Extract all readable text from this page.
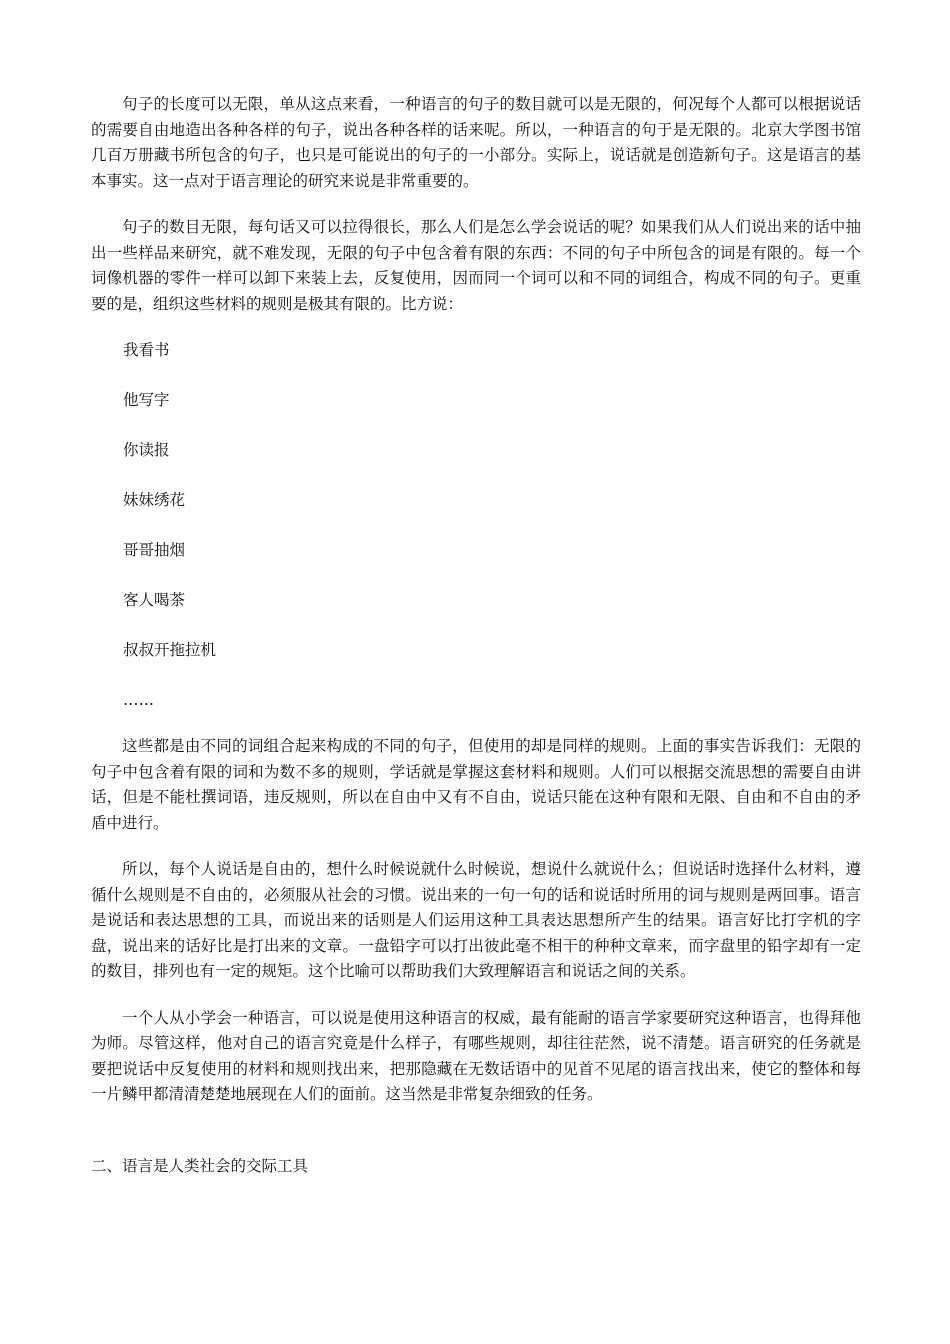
句子的长度可以无限，单从这点来看，一种语言的句子的数目就可以是无限的，何况每个人都可以根据说话的需要自由地造出各种各样的句子，说出各种各样的话来呢。所以，一种语言的句于是无限的。北京大学图书馆几百万册藏书所包含的句子，也只是可能说出的句子的一小部分。实际上，说话就是创造新句子。这是语言的基本事实。这一点对于语言理论的研究来说是非常重要的。

句子的数目无限，每句话又可以拉得很长，那么人们是怎么学会说话的呢？如果我们从人们说出来的话中抽出一些样品来研究，就不难发现，无限的句子中包含着有限的东西：不同的句子中所包含的词是有限的。每一个词像机器的零件一样可以卸下来装上去，反复使用，因而同一个词可以和不同的词组合，构成不同的句子。更重要的是，组织这些材料的规则是极其有限的。比方说：

我看书

他写字

你读报

妹妹绣花

哥哥抽烟

客人喝茶

叔叔开拖拉机

……

这些都是由不同的词组合起来构成的不同的句子，但使用的却是同样的规则。上面的事实告诉我们：无限的句子中包含着有限的词和为数不多的规则，学话就是掌握这套材料和规则。人们可以根据交流思想的需要自由讲话，但是不能杜撰词语，违反规则，所以在自由中又有不自由，说话只能在这种有限和无限、自由和不自由的矛盾中进行。

所以，每个人说话是自由的，想什么时候说就什么时候说，想说什么就说什么；但说话时选择什么材料，遵循什么规则是不自由的，必须服从社会的习惯。说出来的一句一句的话和说话时所用的词与规则是两回事。语言是说话和表达思想的工具，而说出来的话则是人们运用这种工具表达思想所产生的结果。语言好比打字机的字盘，说出来的话好比是打出来的文章。一盘铅字可以打出彼此毫不相干的种种文章来，而字盘里的铅字却有一定的数目，排列也有一定的规矩。这个比喻可以帮助我们大致理解语言和说话之间的关系。

一个人从小学会一种语言，可以说是使用这种语言的权威，最有能耐的语言学家要研究这种语言，也得拜他为师。尽管这样，他对自己的语言究竟是什么样子，有哪些规则，却往往茫然，说不清楚。语言研究的任务就是要把说话中反复使用的材料和规则找出来，把那隐藏在无数话语中的见首不见尾的语言找出来，使它的整体和每一片鳞甲都清清楚楚地展现在人们的面前。这当然是非常复杂细致的任务。

二、语言是人类社会的交际工具
